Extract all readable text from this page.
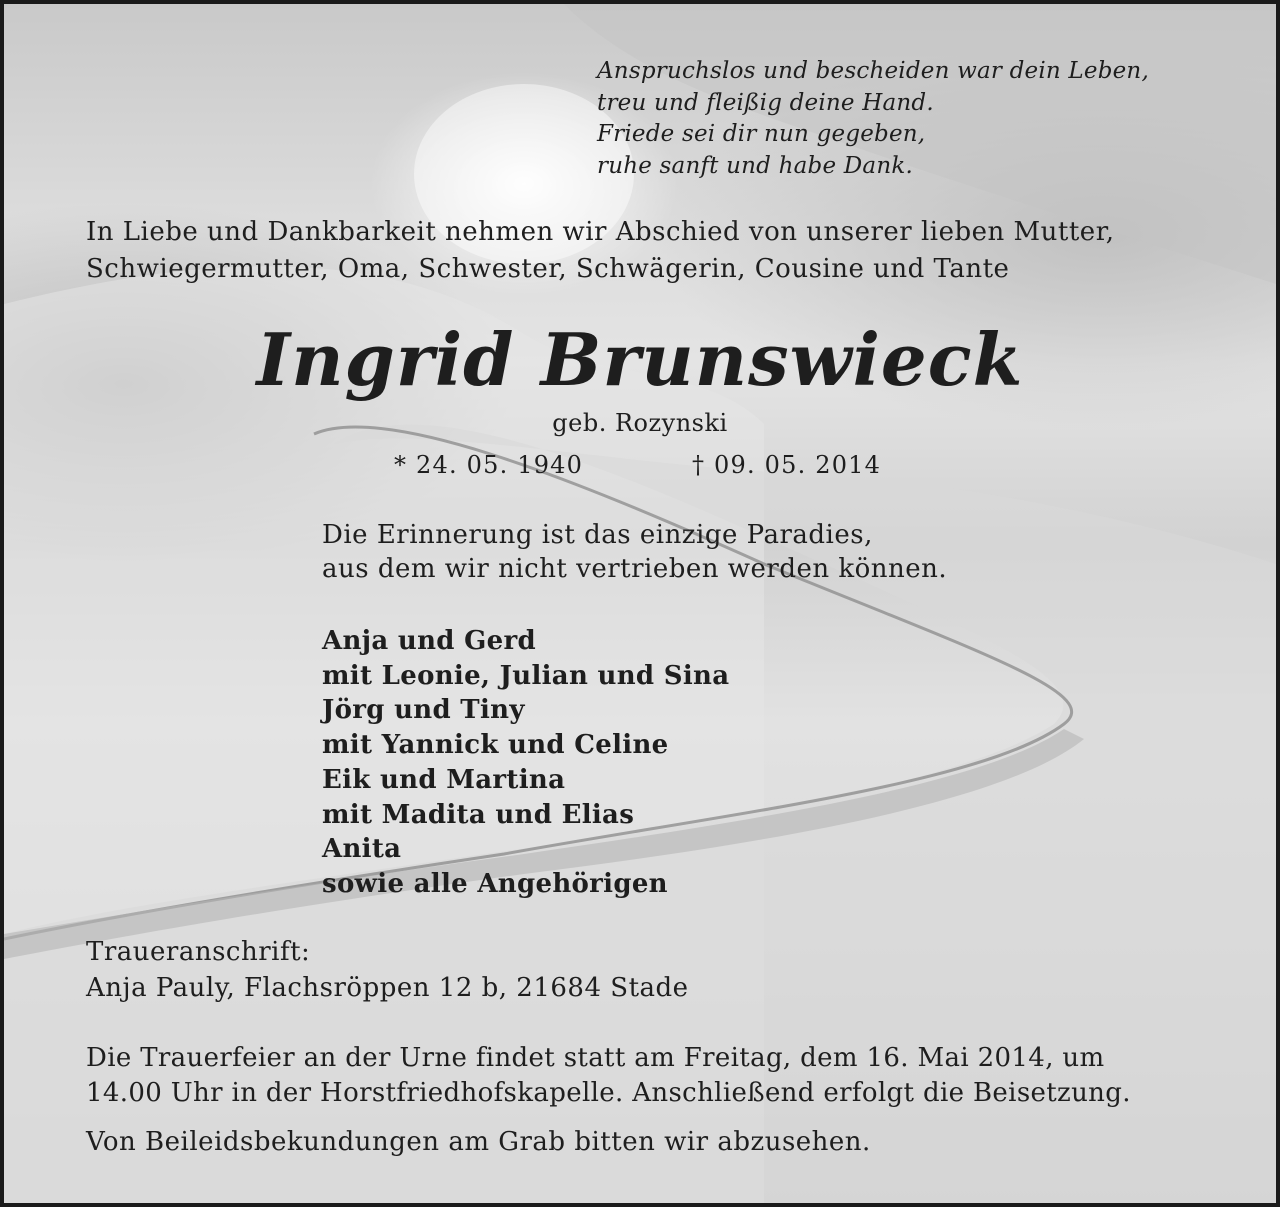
Anspruchslos und bescheiden war dein Leben,
treu und fleißig deine Hand.
Friede sei dir nun gegeben,
ruhe sanft und habe Dank.
In Liebe und Dankbarkeit nehmen wir Abschied von unserer lieben Mutter,
Schwiegermutter, Oma, Schwester, Schwägerin, Cousine und Tante
Ingrid Brunswieck
geb. Rozynski
* 24. 05. 1940	† 09. 05. 2014
Die Erinnerung ist das einzige Paradies,
aus dem wir nicht vertrieben werden können.
Anja und Gerd
mit Leonie, Julian und Sina
Jörg und Tiny
mit Yannick und Celine
Eik und Martina
mit Madita und Elias
Anita
sowie alle Angehörigen
Traueranschrift:
Anja Pauly, Flachsröppen 12 b, 21684 Stade
Die Trauerfeier an der Urne findet statt am Freitag, dem 16. Mai 2014, um
14.00 Uhr in der Horstfriedhofskapelle. Anschließend erfolgt die Beisetzung.
Von Beileidsbekundungen am Grab bitten wir abzusehen.
